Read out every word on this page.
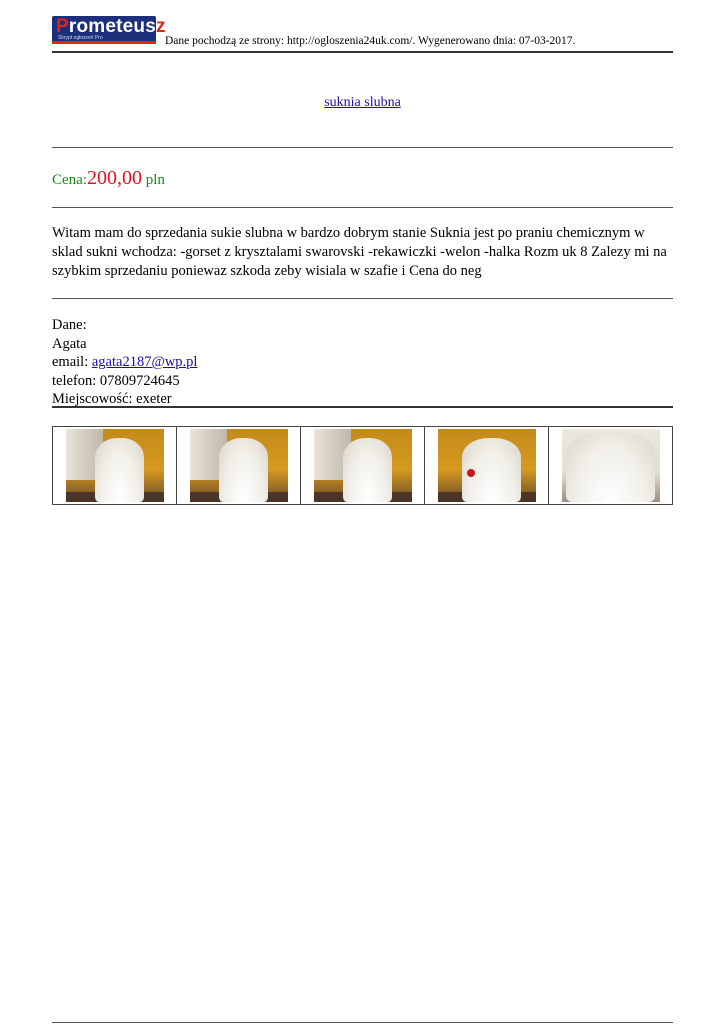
Prometeusz
Skrypt ogłoszeń Pro	Dane pochodzą ze strony: http://ogloszenia24uk.com/. Wygenerowano dnia: 07-03-2017.
suknia slubna
Cena:200,00 pln
Witam mam do sprzedania sukie slubna w bardzo dobrym stanie Suknia jest po praniu chemicznym w sklad sukni wchodza: -gorset z krysztalami swarovski -rekawiczki -welon -halka Rozm uk 8 Zalezy mi na szybkim sprzedaniu poniewaz szkoda zeby wisiala w szafie i Cena do neg
Dane:
Agata
email: agata2187@wp.pl
telefon: 07809724645
Miejscowość: exeter
